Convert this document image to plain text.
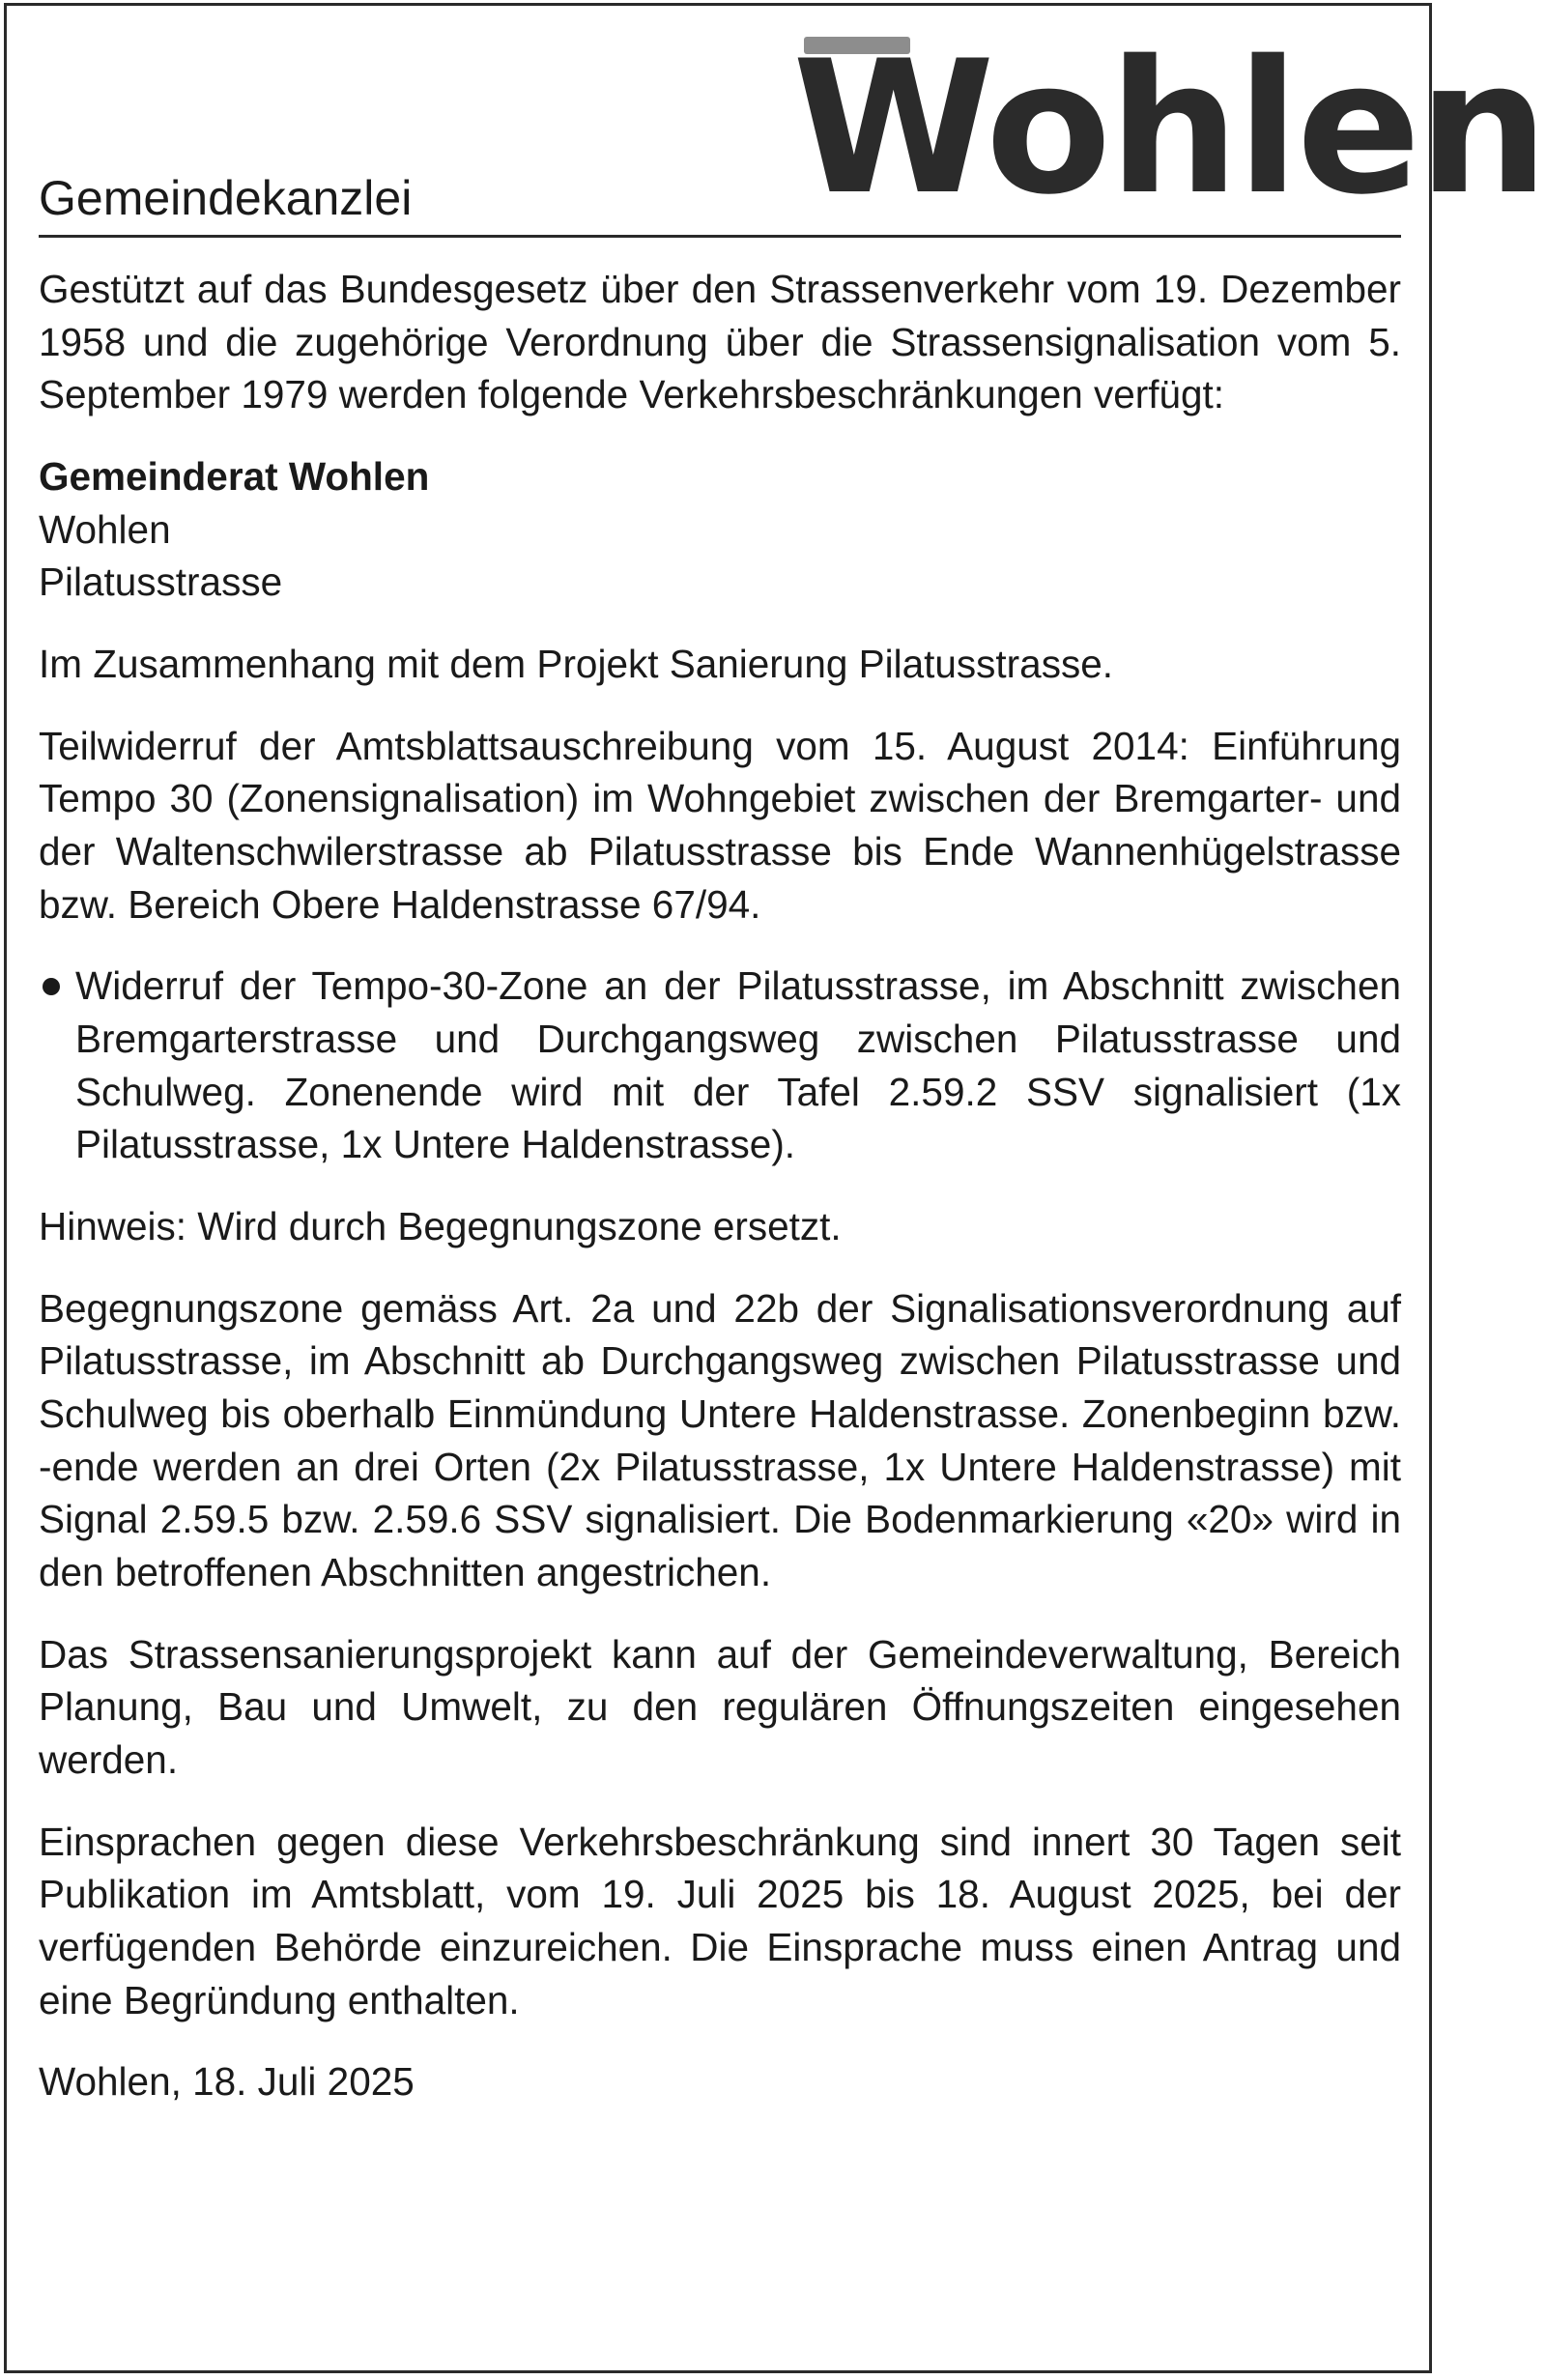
Gemeindekanzlei Wohlen

Gestützt auf das Bundesgesetz über den Strassenverkehr vom 19. Dezember 1958 und die zugehörige Verordnung über die Strassensignalisation vom 5. September 1979 werden folgende Verkehrsbeschränkungen verfügt:

Gemeinderat Wohlen
Wohlen
Pilatusstrasse

Im Zusammenhang mit dem Projekt Sanierung Pilatusstrasse.

Teilwiderruf der Amtsblattsauschreibung vom 15. August 2014: Einführung Tempo 30 (Zonensignalisation) im Wohngebiet zwischen der Bremgarter- und der Waltenschwilerstrasse ab Pilatusstrasse bis Ende Wannenhügelstrasse bzw. Bereich Obere Haldenstrasse 67/94.

Widerruf der Tempo-30-Zone an der Pilatusstrasse, im Abschnitt zwischen Bremgarterstrasse und Durchgangsweg zwischen Pilatusstrasse und Schulweg. Zonenende wird mit der Tafel 2.59.2 SSV signalisiert (1x Pilatusstrasse, 1x Untere Haldenstrasse).

Hinweis: Wird durch Begegnungszone ersetzt.

Begegnungszone gemäss Art. 2a und 22b der Signalisationsverordnung auf Pilatusstrasse, im Abschnitt ab Durchgangsweg zwischen Pilatusstrasse und Schulweg bis oberhalb Einmündung Untere Haldenstrasse. Zonenbeginn bzw. -ende werden an drei Orten (2x Pilatusstrasse, 1x Untere Haldenstrasse) mit Signal 2.59.5 bzw. 2.59.6 SSV signalisiert. Die Bodenmarkierung «20» wird in den betroffenen Abschnitten angestrichen.

Das Strassensanierungsprojekt kann auf der Gemeindeverwaltung, Bereich Planung, Bau und Umwelt, zu den regulären Öffnungszeiten eingesehen werden.

Einsprachen gegen diese Verkehrsbeschränkung sind innert 30 Tagen seit Publikation im Amtsblatt, vom 19. Juli 2025 bis 18. August 2025, bei der verfügenden Behörde einzureichen. Die Einsprache muss einen Antrag und eine Begründung enthalten.

Wohlen, 18. Juli 2025
